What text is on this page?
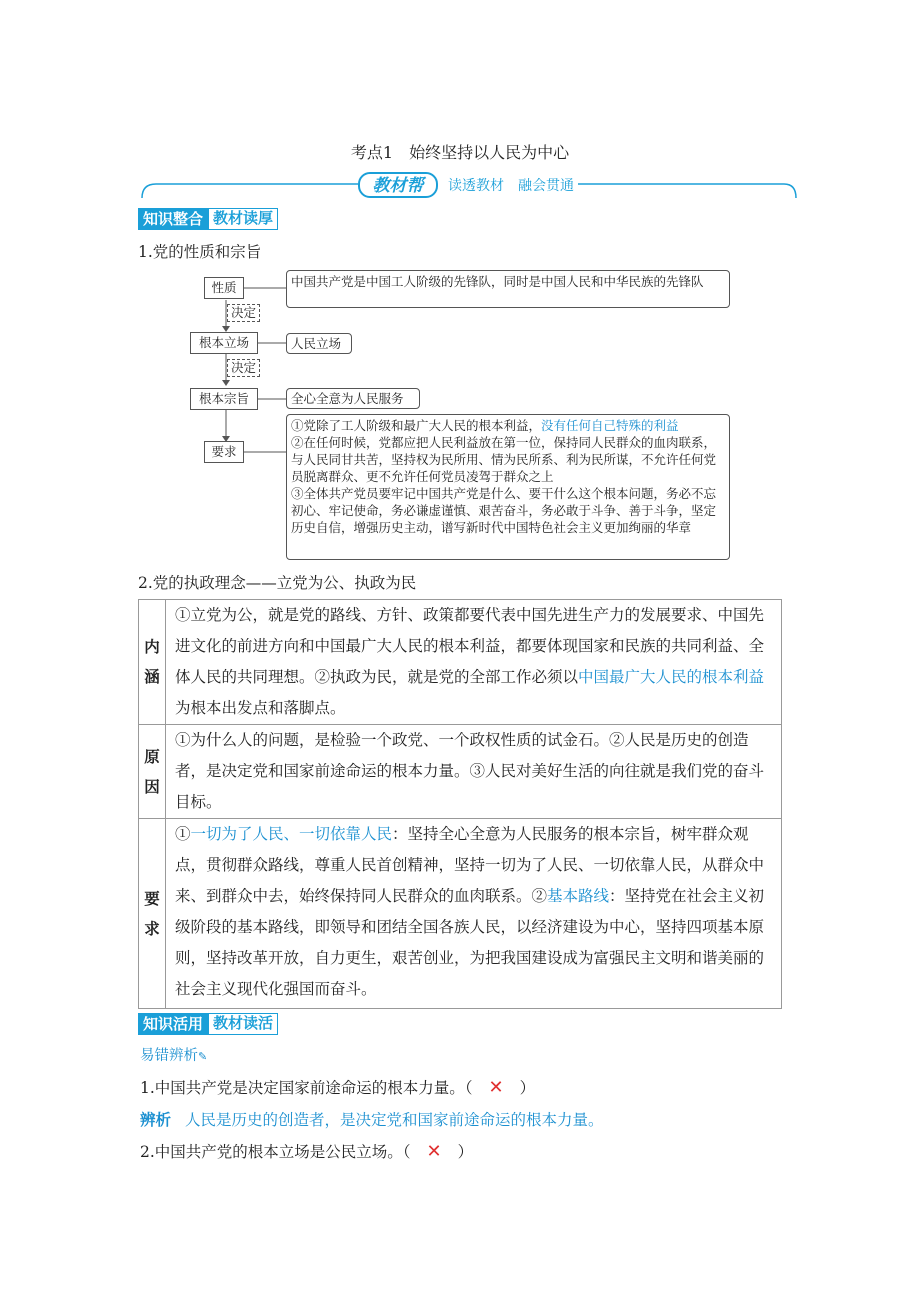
考点1　始终坚持以人民为中心
教材帮	读透教材　融会贯通
知识整合 教材读厚
1.党的性质和宗旨
性质
决定
根本立场
决定
根本宗旨
要求
中国共产党是中国工人阶级的先锋队，同时是中国人民和中华民族的先锋队
人民立场
全心全意为人民服务
①党除了工人阶级和最广大人民的根本利益，没有任何自己特殊的利益
②在任何时候，党都应把人民利益放在第一位，保持同人民群众的血肉联系，与人民同甘共苦，坚持权为民所用、情为民所系、利为民所谋，不允许任何党员脱离群众、更不允许任何党员凌驾于群众之上
③全体共产党员要牢记中国共产党是什么、要干什么这个根本问题，务必不忘初心、牢记使命，务必谦虚谨慎、艰苦奋斗，务必敢于斗争、善于斗争，坚定历史自信，增强历史主动，谱写新时代中国特色社会主义更加绚丽的华章
2.党的执政理念——立党为公、执政为民
内涵	①立党为公，就是党的路线、方针、政策都要代表中国先进生产力的发展要求、中国先进文化的前进方向和中国最广大人民的根本利益，都要体现国家和民族的共同利益、全体人民的共同理想。②执政为民，就是党的全部工作必须以中国最广大人民的根本利益为根本出发点和落脚点。

原因	①为什么人的问题，是检验一个政党、一个政权性质的试金石。②人民是历史的创造者，是决定党和国家前途命运的根本力量。③人民对美好生活的向往就是我们党的奋斗目标。

要求	①一切为了人民、一切依靠人民：坚持全心全意为人民服务的根本宗旨，树牢群众观点，贯彻群众路线，尊重人民首创精神，坚持一切为了人民、一切依靠人民，从群众中来、到群众中去，始终保持同人民群众的血肉联系。②基本路线：坚持党在社会主义初级阶段的基本路线，即领导和团结全国各族人民，以经济建设为中心，坚持四项基本原则，坚持改革开放，自力更生，艰苦创业，为把我国建设成为富强民主文明和谐美丽的社会主义现代化强国而奋斗。
知识活用 教材读活
易错辨析✎
1.中国共产党是决定国家前途命运的根本力量。（ ✕ ）
辨析 人民是历史的创造者，是决定党和国家前途命运的根本力量。
2.中国共产党的根本立场是公民立场。（ ✕ ）
